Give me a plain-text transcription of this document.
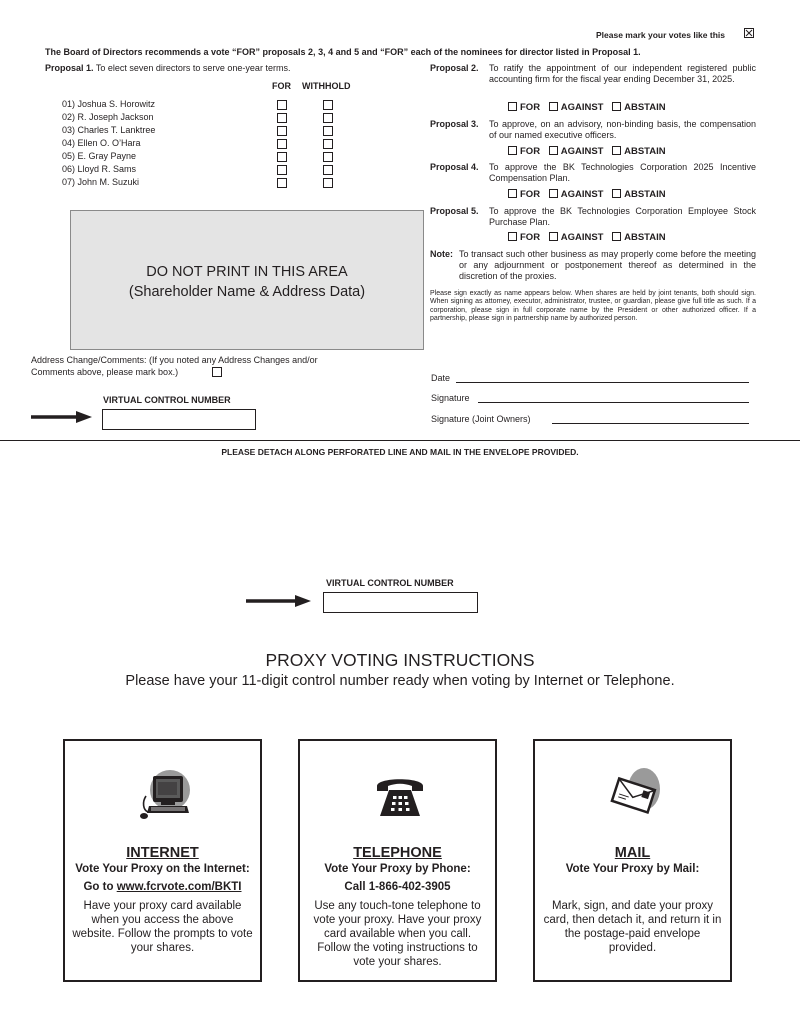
Please mark your votes like this
The Board of Directors recommends a vote “FOR” proposals 2, 3, 4 and 5 and “FOR” each of the nominees for director listed in Proposal 1.
Proposal 1. To elect seven directors to serve one-year terms.
FOR WITHHOLD
01) Joshua S. Horowitz
02) R. Joseph Jackson
03) Charles T. Lanktree
04) Ellen O. O’Hara
05) E. Gray Payne
06) Lloyd R. Sams
07) John M. Suzuki
DO NOT PRINT IN THIS AREA
(Shareholder Name & Address Data)
Address Change/Comments: (If you noted any Address Changes and/or
Comments above, please mark box.)
VIRTUAL CONTROL NUMBER
Proposal 2. To ratify the appointment of our independent registered public accounting firm for the fiscal year ending December 31, 2025.
FOR AGAINST ABSTAIN
Proposal 3. To approve, on an advisory, non-binding basis, the compensation of our named executive officers.
FOR AGAINST ABSTAIN
Proposal 4. To approve the BK Technologies Corporation 2025 Incentive Compensation Plan.
FOR AGAINST ABSTAIN
Proposal 5. To approve the BK Technologies Corporation Employee Stock Purchase Plan.
FOR AGAINST ABSTAIN
Note: To transact such other business as may properly come before the meeting or any adjournment or postponement thereof as determined in the discretion of the proxies.
Please sign exactly as name appears below. When shares are held by joint tenants, both should sign. When signing as attorney, executor, administrator, trustee, or guardian, please give full title as such. If a corporation, please sign in full corporate name by the President or other authorized officer. If a partnership, please sign in partnership name by authorized person.
Date
Signature
Signature (Joint Owners)
PLEASE DETACH ALONG PERFORATED LINE AND MAIL IN THE ENVELOPE PROVIDED.
VIRTUAL CONTROL NUMBER
PROXY VOTING INSTRUCTIONS
Please have your 11-digit control number ready when voting by Internet or Telephone.
INTERNET
Vote Your Proxy on the Internet:
Go to www.fcrvote.com/BKTI
Have your proxy card available when you access the above website. Follow the prompts to vote your shares.
TELEPHONE
Vote Your Proxy by Phone:
Call 1-866-402-3905
Use any touch-tone telephone to vote your proxy. Have your proxy card available when you call. Follow the voting instructions to vote your shares.
MAIL
Vote Your Proxy by Mail:
Mark, sign, and date your proxy card, then detach it, and return it in the postage-paid envelope provided.
